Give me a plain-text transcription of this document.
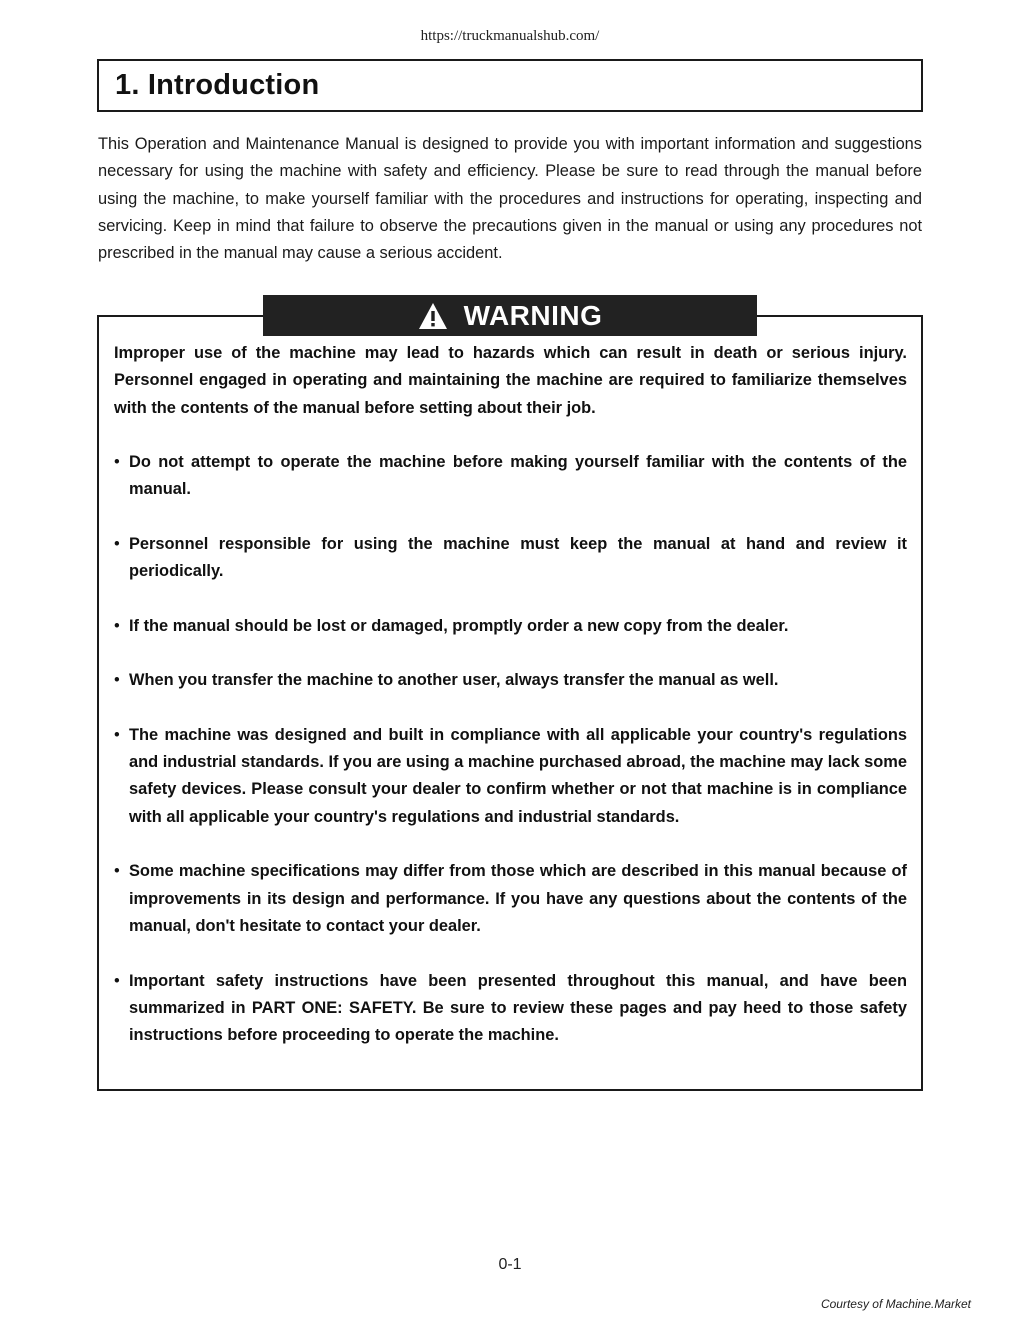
https://truckmanualshub.com/
1. Introduction

This Operation and Maintenance Manual is designed to provide you with important information and suggestions necessary for using the machine with safety and efficiency. Please be sure to read through the manual before using the machine, to make yourself familiar with the procedures and instructions for operating, inspecting and servicing. Keep in mind that failure to observe the precautions given in the manual or using any procedures not prescribed in the manual may cause a serious accident.

WARNING

Improper use of the machine may lead to hazards which can result in death or serious injury. Personnel engaged in operating and maintaining the machine are required to familiarize themselves with the contents of the manual before setting about their job.

• Do not attempt to operate the machine before making yourself familiar with the contents of the manual.
• Personnel responsible for using the machine must keep the manual at hand and review it periodically.
• If the manual should be lost or damaged, promptly order a new copy from the dealer.
• When you transfer the machine to another user, always transfer the manual as well.
• The machine was designed and built in compliance with all applicable your country's regulations and industrial standards. If you are using a machine purchased abroad, the machine may lack some safety devices. Please consult your dealer to confirm whether or not that machine is in compliance with all applicable your country's regulations and industrial standards.
• Some machine specifications may differ from those which are described in this manual because of improvements in its design and performance. If you have any questions about the contents of the manual, don't hesitate to contact your dealer.
• Important safety instructions have been presented throughout this manual, and have been summarized in PART ONE: SAFETY. Be sure to review these pages and pay heed to those safety instructions before proceeding to operate the machine.
0-1
Courtesy of Machine.Market
